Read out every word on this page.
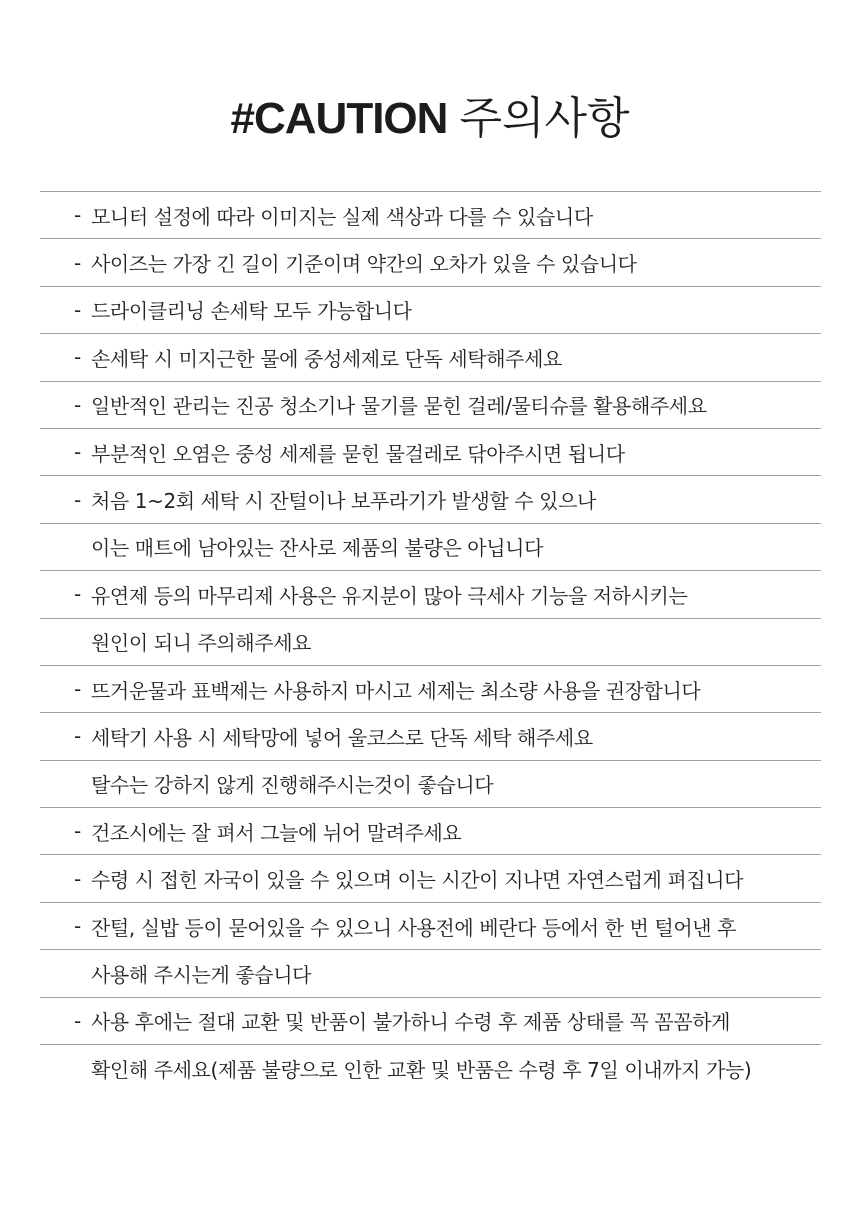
#CAUTION 주의사항
- 모니터 설정에 따라 이미지는 실제 색상과 다를 수 있습니다
- 사이즈는 가장 긴 길이 기준이며 약간의 오차가 있을 수 있습니다
- 드라이클리닝 손세탁 모두 가능합니다
- 손세탁 시 미지근한 물에 중성세제로 단독 세탁해주세요
- 일반적인 관리는 진공 청소기나 물기를 묻힌 걸레/물티슈를 활용해주세요
- 부분적인 오염은 중성 세제를 묻힌 물걸레로 닦아주시면 됩니다
- 처음 1~2회 세탁 시 잔털이나 보푸라기가 발생할 수 있으나
이는 매트에 남아있는 잔사로 제품의 불량은 아닙니다
- 유연제 등의 마무리제 사용은 유지분이 많아 극세사 기능을 저하시키는
원인이 되니 주의해주세요
- 뜨거운물과 표백제는 사용하지 마시고 세제는 최소량 사용을 권장합니다
- 세탁기 사용 시 세탁망에 넣어 울코스로 단독 세탁 해주세요
탈수는 강하지 않게 진행해주시는것이 좋습니다
- 건조시에는 잘 펴서 그늘에 뉘어 말려주세요
- 수령 시 접힌 자국이 있을 수 있으며 이는 시간이 지나면 자연스럽게 펴집니다
- 잔털, 실밥 등이 묻어있을 수 있으니 사용전에 베란다 등에서 한 번 털어낸 후
사용해 주시는게 좋습니다
- 사용 후에는 절대 교환 및 반품이 불가하니 수령 후 제품 상태를 꼭 꼼꼼하게
확인해 주세요(제품 불량으로 인한 교환 및 반품은 수령 후 7일 이내까지 가능)
